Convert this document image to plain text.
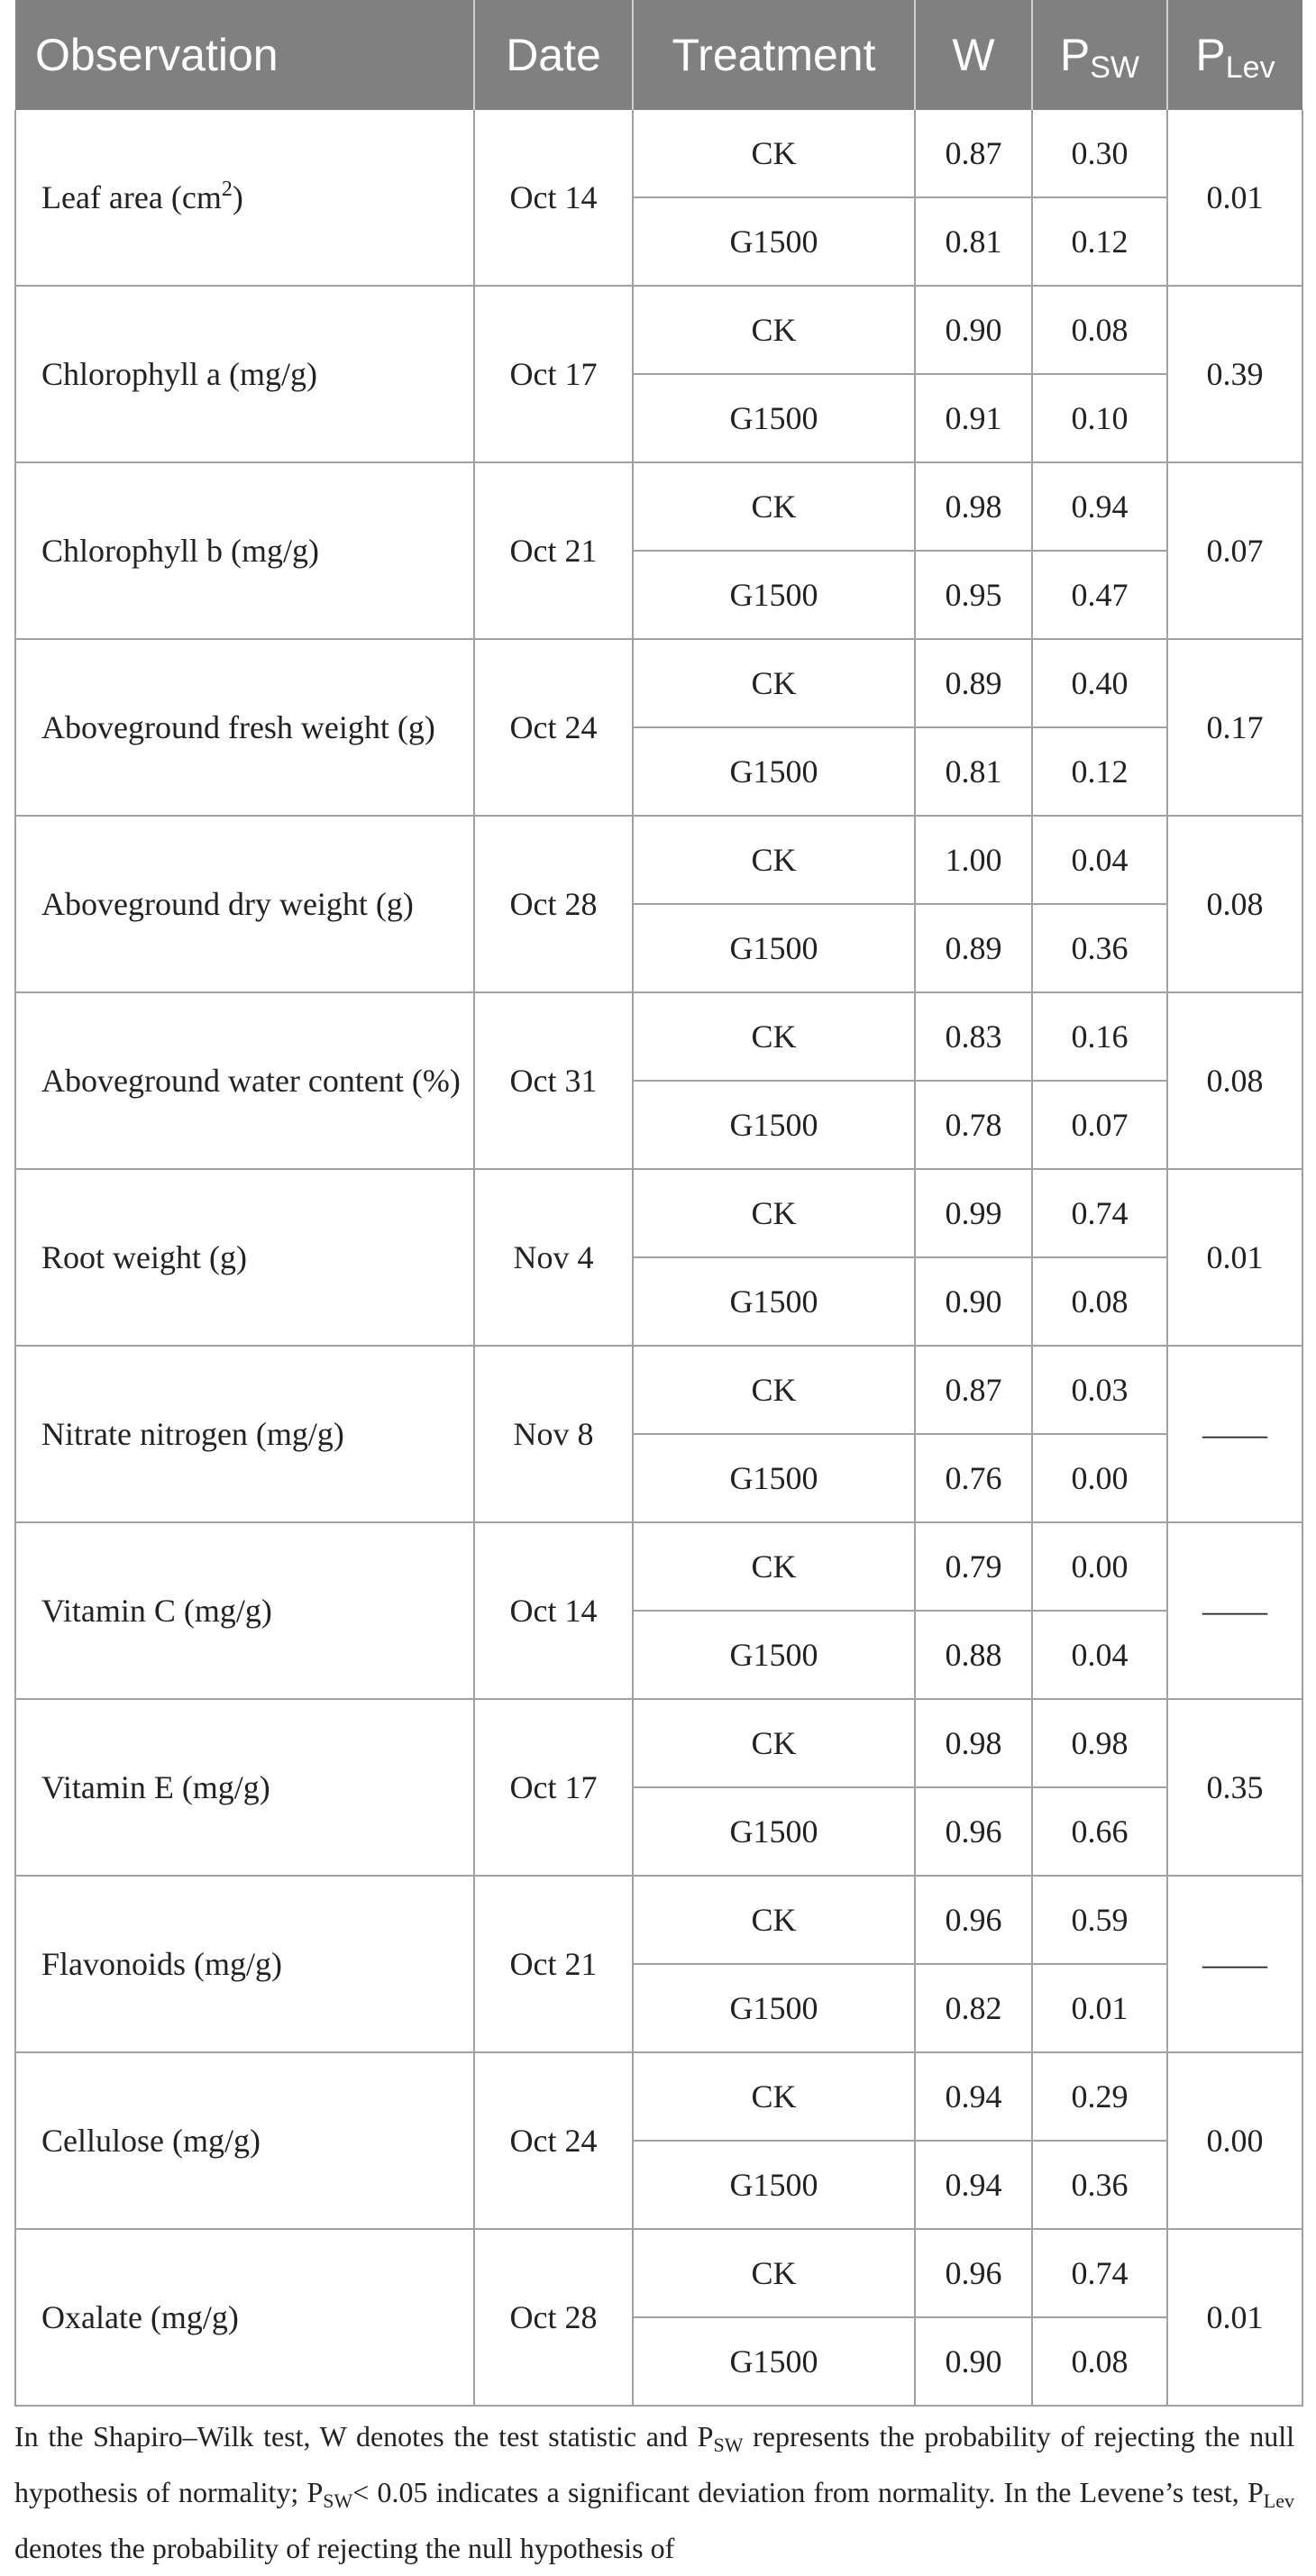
Observation	Date	Treatment	W	$P_{SW}$	$P_{Lev}$
Leaf area $(cm^2)$	Oct 14	CK	0.87	0.30	0.01
		G1500	0.81	0.12	
Chlorophyll a (mg/g)	Oct 17	CK	0.90	0.08	0.39
		G1500	0.91	0.10	
Chlorophyll b (mg/g)	Oct 21	CK	0.98	0.94	0.07
		G1500	0.95	0.47	
Aboveground fresh weight (g)	Oct 24	CK	0.89	0.40	0.17
		G1500	0.81	0.12	
Aboveground dry weight (g)	Oct 28	CK	1.00	0.04	0.08
		G1500	0.89	0.36	
Aboveground water content (%)	Oct 31	CK	0.83	0.16	0.08
		G1500	0.78	0.07	
Root weight (g)	Nov 4	CK	0.99	0.74	0.01
		G1500	0.90	0.08	
Nitrate nitrogen (mg/g)	Nov 8	CK	0.87	0.03	——
		G1500	0.76	0.00	
Vitamin C (mg/g)	Oct 14	CK	0.79	0.00	——
		G1500	0.88	0.04	
Vitamin E (mg/g)	Oct 17	CK	0.98	0.98	0.35
		G1500	0.96	0.66	
Flavonoids (mg/g)	Oct 21	CK	0.96	0.59	——
		G1500	0.82	0.01	
Cellulose (mg/g)	Oct 24	CK	0.94	0.29	0.00
		G1500	0.94	0.36	
Oxalate (mg/g)	Oct 28	CK	0.96	0.74	0.01
		G1500	0.90	0.08	

In the Shapiro–Wilk test, W denotes the test statistic and $P_{SW}$ represents the probability of rejecting the null hypothesis of normality; $P_{SW}< 0.05$ indicates a significant deviation from normality. In the Levene’s test, $P_{Lev}$ denotes the probability of rejecting the null hypothesis of
